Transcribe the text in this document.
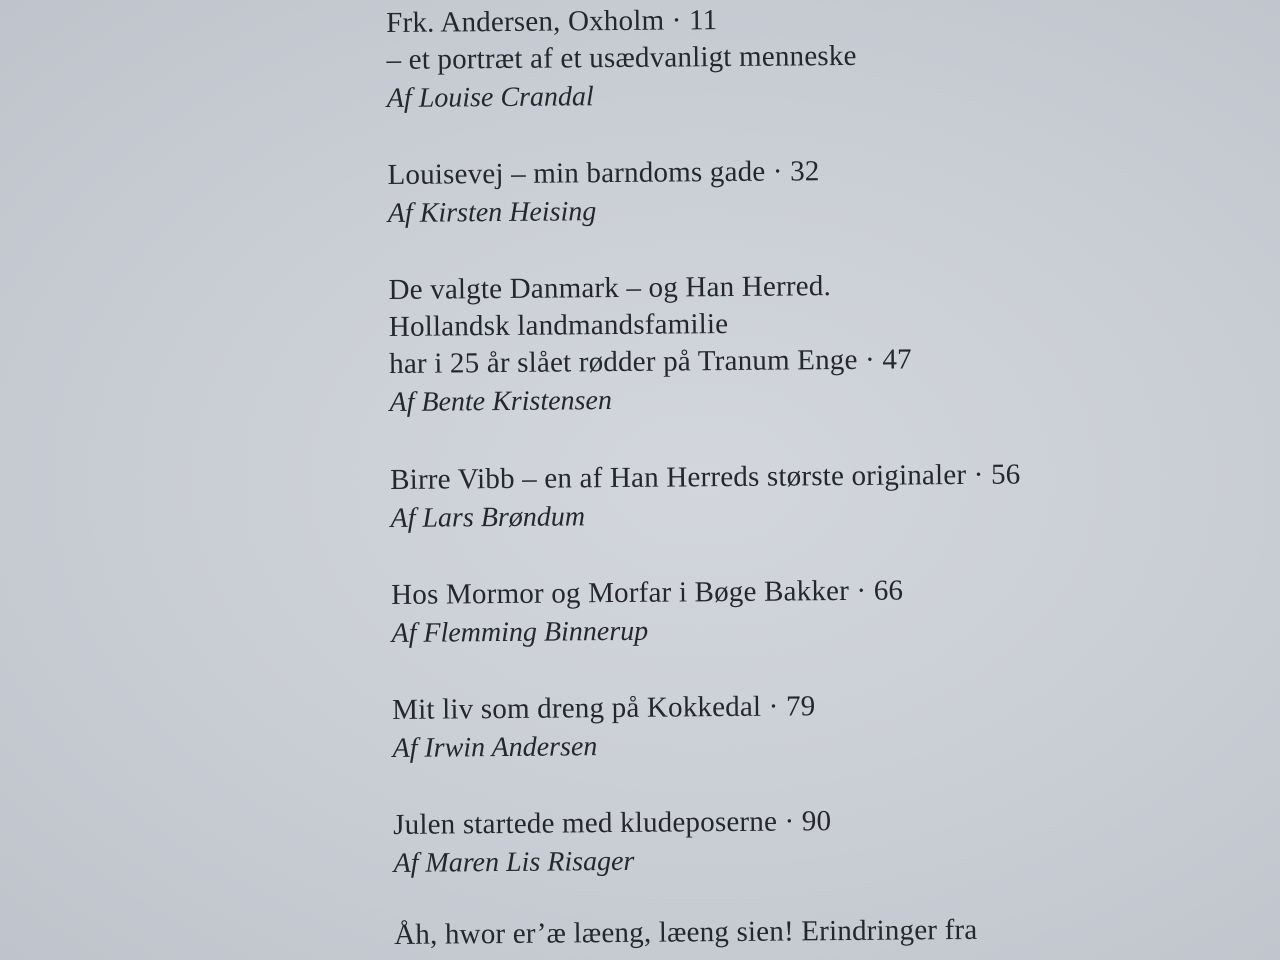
Frk. Andersen, Oxholm · 11
– et portræt af et usædvanligt menneske
Af Louise Crandal
Louisevej – min barndoms gade · 32
Af Kirsten Heising
De valgte Danmark – og Han Herred.
Hollandsk landmandsfamilie
har i 25 år slået rødder på Tranum Enge · 47
Af Bente Kristensen
Birre Vibb – en af Han Herreds største originaler · 56
Af Lars Brøndum
Hos Mormor og Morfar i Bøge Bakker · 66
Af Flemming Binnerup
Mit liv som dreng på Kokkedal · 79
Af Irwin Andersen
Julen startede med kludeposerne · 90
Af Maren Lis Risager
Åh, hwor er’æ læeng, læeng sien! Erindringer fra
